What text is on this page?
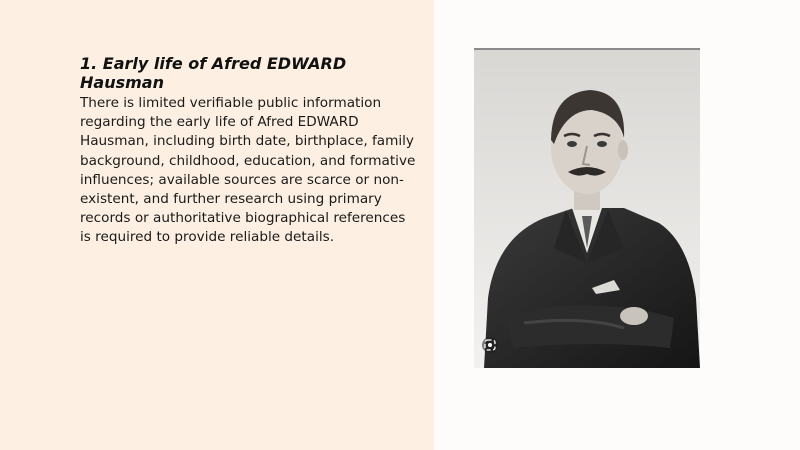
1. Early life of Afred EDWARD Hausman

There is limited verifiable public information regarding the early life of Afred EDWARD Hausman, including birth date, birthplace, family background, childhood, education, and formative influences; available sources are scarce or non-existent, and further research using primary records or authoritative biographical references is required to provide reliable details.
